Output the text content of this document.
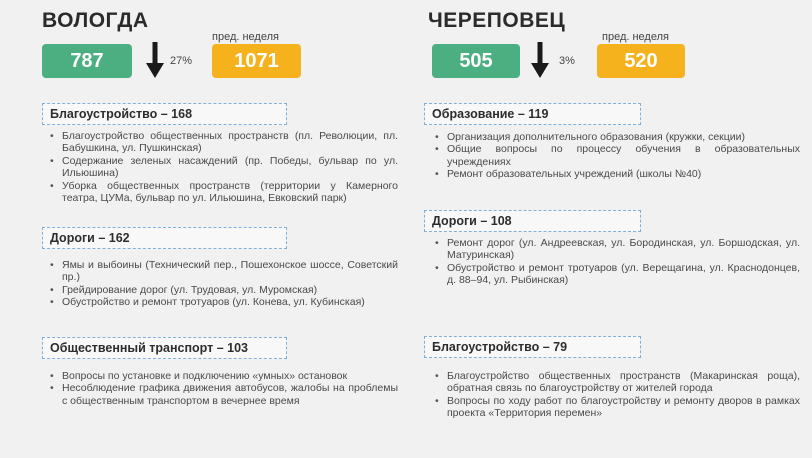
ВОЛОГДА
787	27%
пред. неделя
1071
Благоустройство – 168
• Благоустройство общественных пространств (пл. Революции, пл. Бабушкина, ул. Пушкинская)
• Содержание зеленых насаждений (пр. Победы, бульвар по ул. Ильюшина)
• Уборка общественных пространств (территории у Камерного театра, ЦУМа, бульвар по ул. Ильюшина, Евковский парк)
Дороги – 162
• Ямы и выбоины (Технический пер., Пошехонское шоссе, Советский пр.)
• Грейдирование дорог (ул. Трудовая, ул. Муромская)
• Обустройство и ремонт тротуаров (ул. Конева, ул. Кубинская)
Общественный транспорт – 103
• Вопросы по установке и подключению «умных» остановок
• Несоблюдение графика движения автобусов, жалобы на проблемы с общественным транспортом в вечернее время
ЧЕРЕПОВЕЦ
505	3%
пред. неделя
520
Образование – 119
• Организация дополнительного образования (кружки, секции)
• Общие вопросы по процессу обучения в образовательных учреждениях
• Ремонт образовательных учреждений (школы №40)
Дороги – 108
• Ремонт дорог (ул. Андреевская, ул. Бородинская, ул. Боршодская, ул. Матуринская)
• Обустройство и ремонт тротуаров (ул. Верещагина, ул. Краснодонцев, д. 88–94, ул. Рыбинская)
Благоустройство – 79
• Благоустройство общественных пространств (Макаринская роща), обратная связь по благоустройству от жителей города
• Вопросы по ходу работ по благоустройству и ремонту дворов в рамках проекта «Территория перемен»
